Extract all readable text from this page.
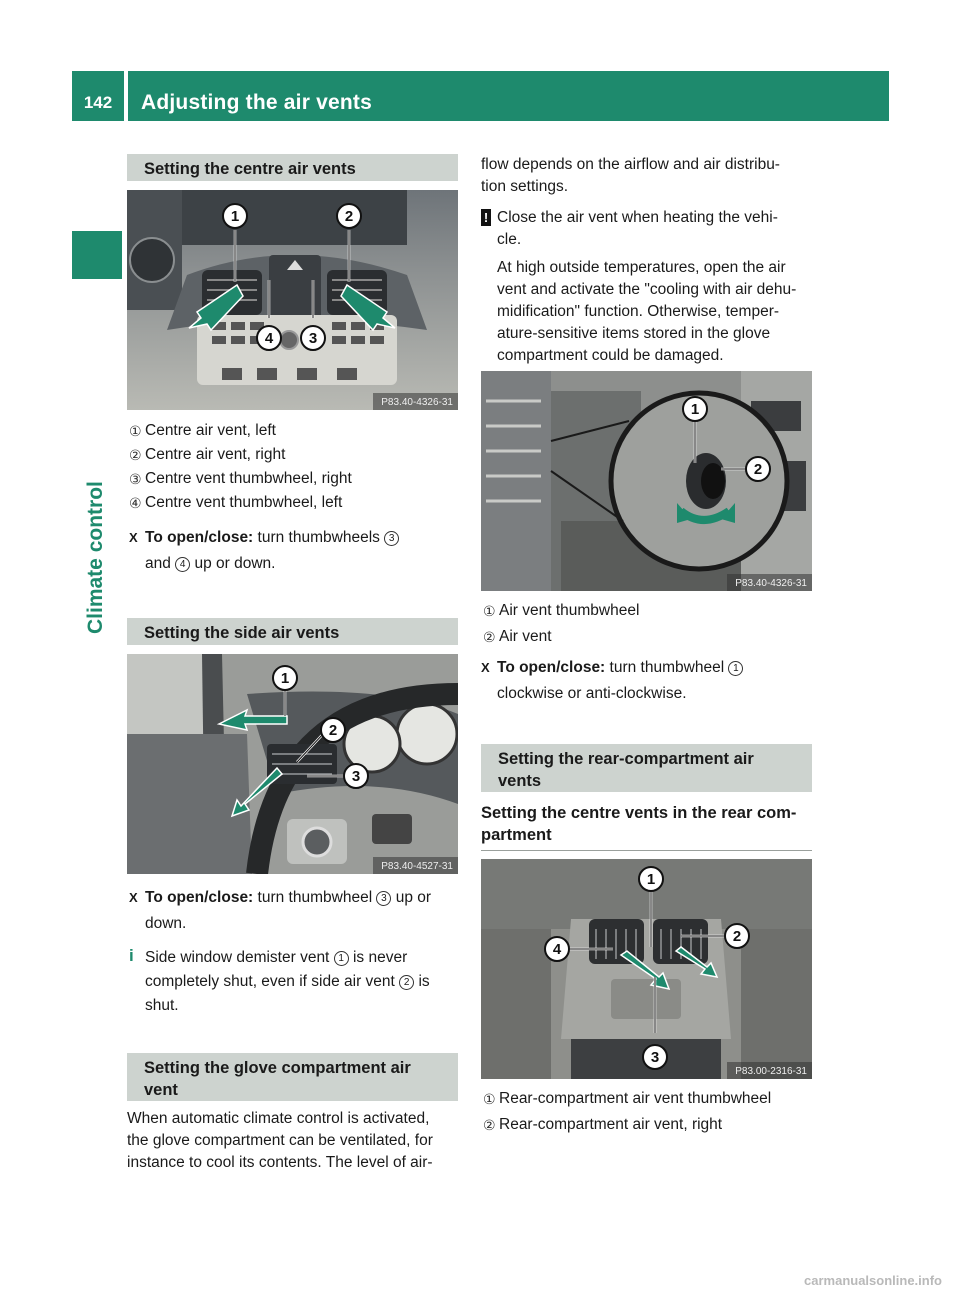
142	Adjusting the air vents
Climate control
Setting the centre air vents
1	2
3
4
P83.40-4326-31
① Centre air vent, left
② Centre air vent, right
③ Centre vent thumbwheel, right
④ Centre vent thumbwheel, left
X To open/close: turn thumbwheels 3
and 4 up or down.
Setting the side air vents
1
2
3
P83.40-4527-31
X To open/close: turn thumbwheel 3 up or
down.
i Side window demister vent 1 is never
completely shut, even if side air vent 2 is
shut.
Setting the glove compartment air
vent
When automatic climate control is activated,
the glove compartment can be ventilated, for
instance to cool its contents. The level of air-
flow depends on the airflow and air distribu-
tion settings.
! Close the air vent when heating the vehi-
cle.
At high outside temperatures, open the air
vent and activate the "cooling with air dehu-
midification" function. Otherwise, temper-
ature-sensitive items stored in the glove
compartment could be damaged.
1
2
P83.40-4326-31
① Air vent thumbwheel
② Air vent
X To open/close: turn thumbwheel 1
clockwise or anti-clockwise.
Setting the rear-compartment air
vents
Setting the centre vents in the rear com-
partment
1
2
3
4
P83.00-2316-31
① Rear-compartment air vent thumbwheel
② Rear-compartment air vent, right
carmanualsonline.info
